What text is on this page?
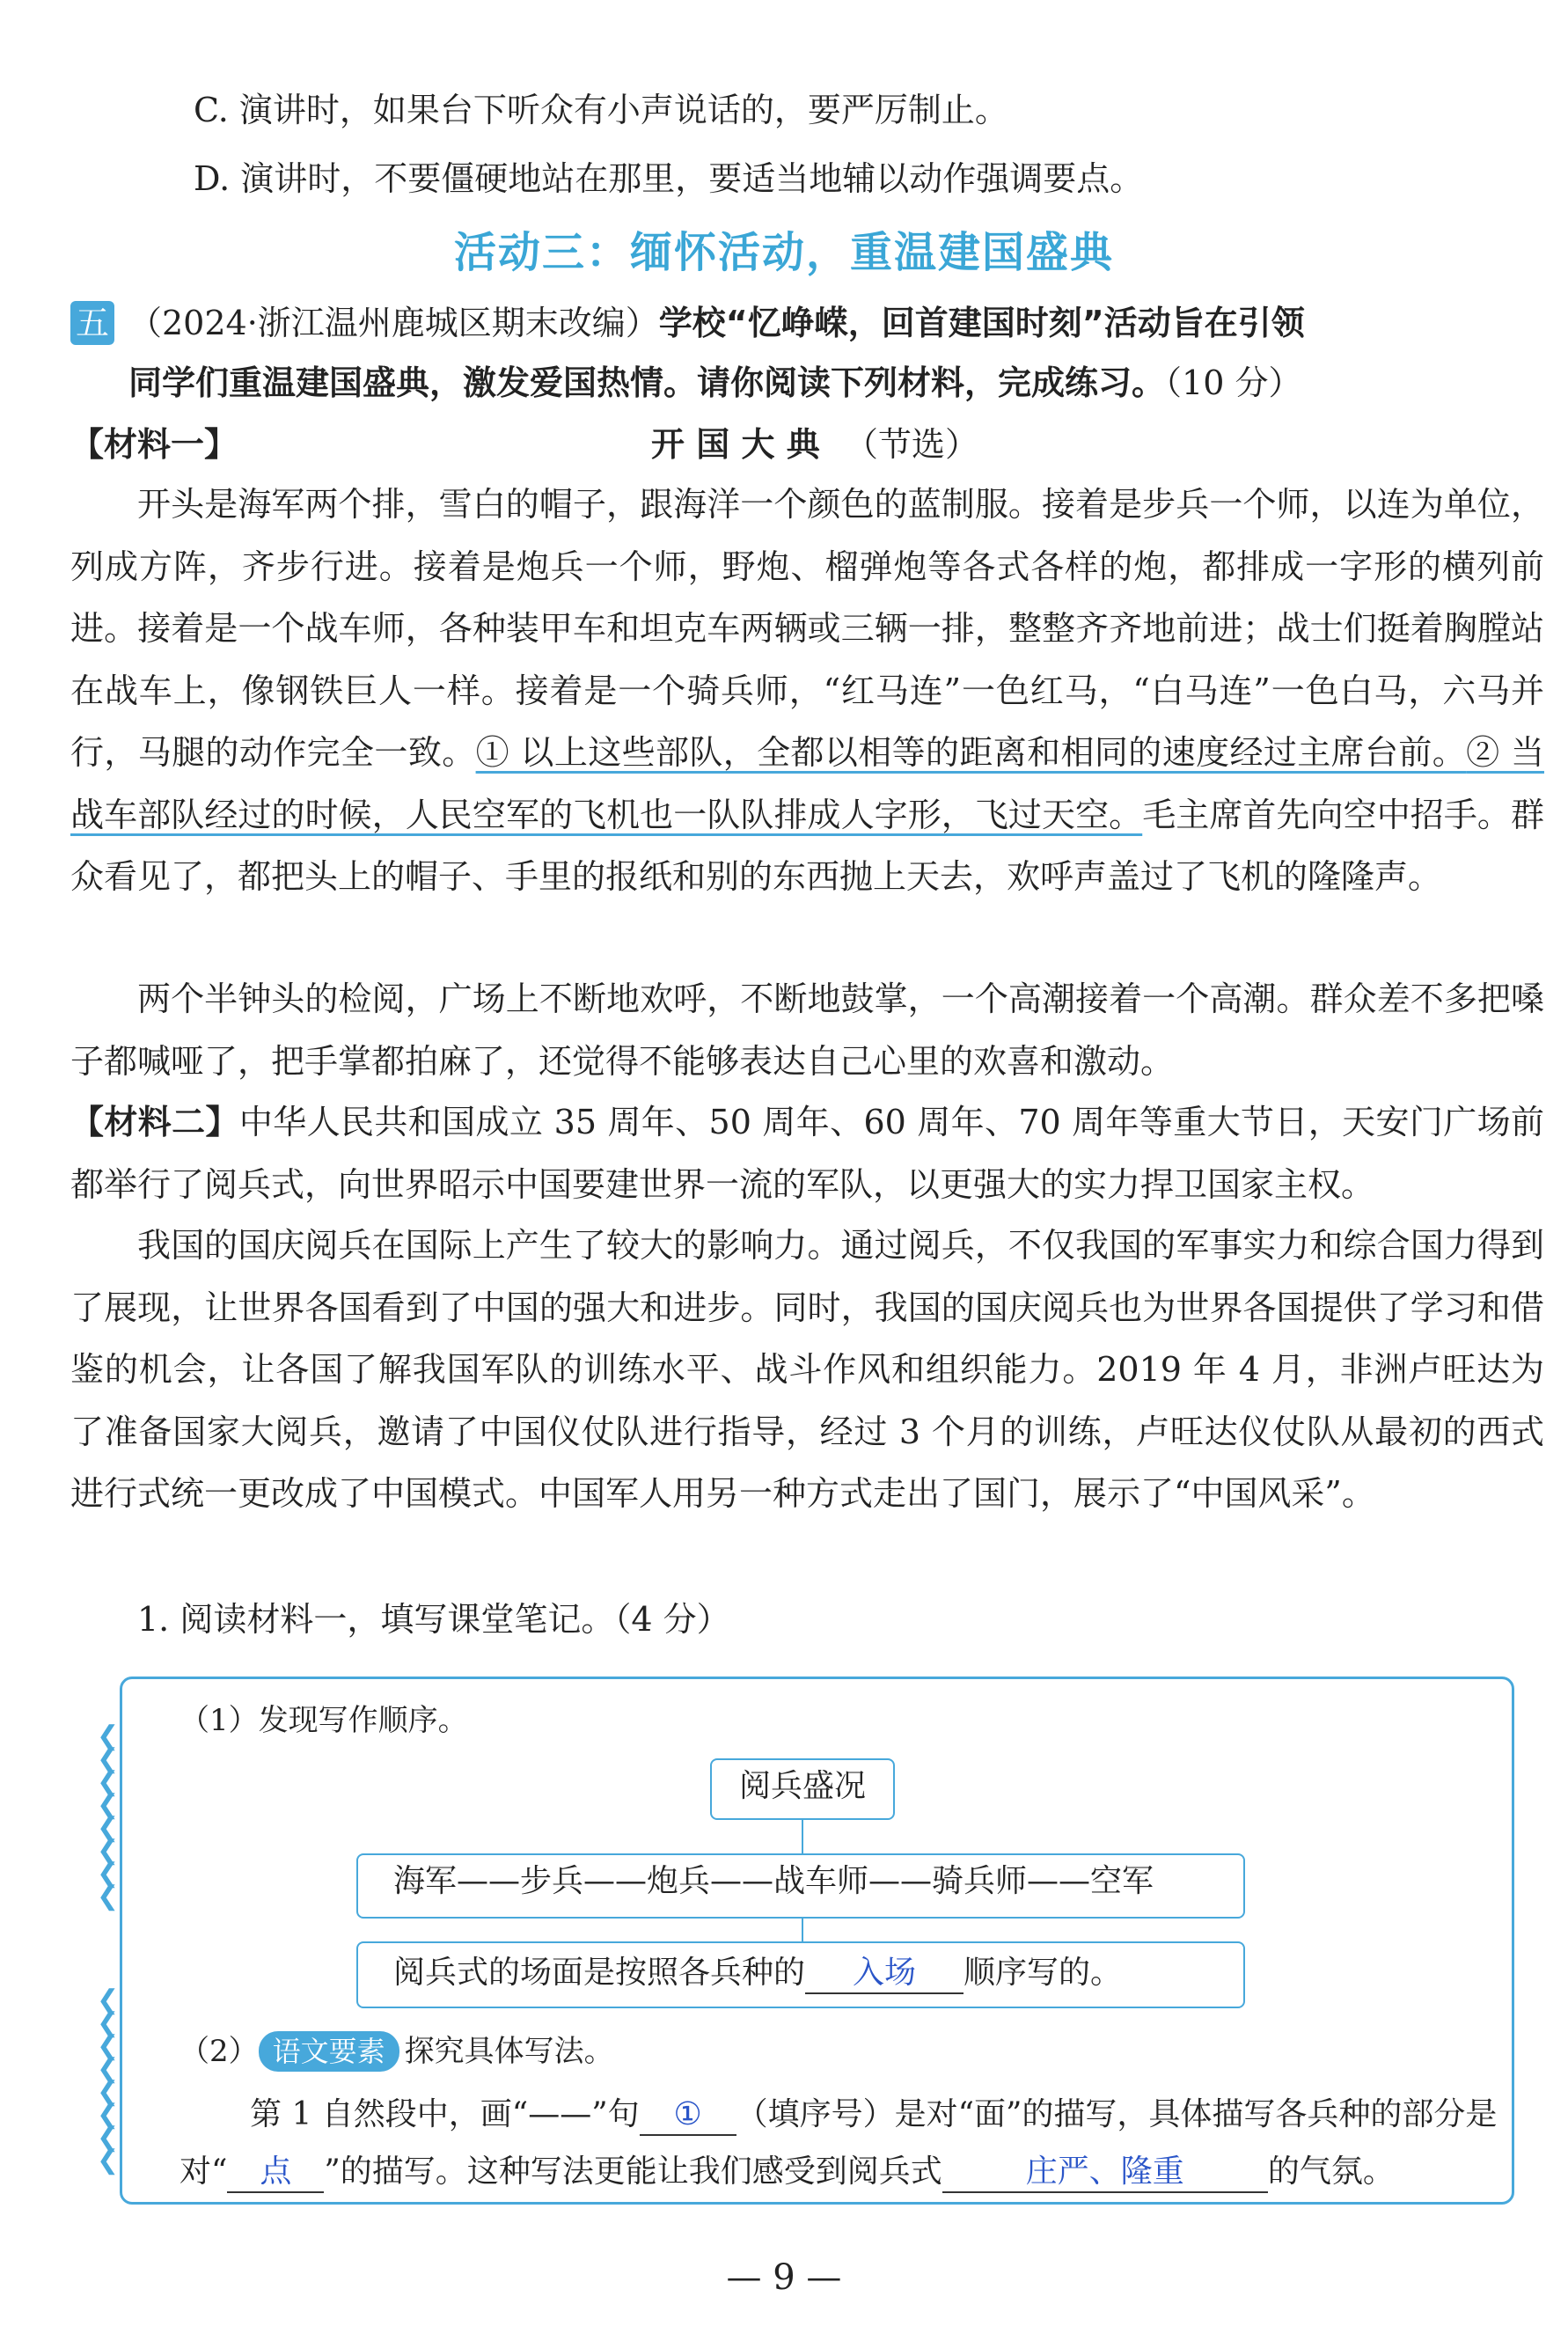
C. 演讲时，如果台下听众有小声说话的，要严厉制止。
D. 演讲时，不要僵硬地站在那里，要适当地辅以动作强调要点。
活动三：缅怀活动，重温建国盛典
五 （2024·浙江温州鹿城区期末改编）学校“忆峥嵘，回首建国时刻”活动旨在引领
同学们重温建国盛典，激发爱国热情。请你阅读下列材料，完成练习。（10 分）
【材料一】	开 国 大 典 （节选）
开头是海军两个排，雪白的帽子，跟海洋一个颜色的蓝制服。接着是步兵一个师，以连为单位，列成方阵，齐步行进。接着是炮兵一个师，野炮、榴弹炮等各式各样的炮，都排成一字形的横列前进。接着是一个战车师，各种装甲车和坦克车两辆或三辆一排，整整齐齐地前进；战士们挺着胸膛站在战车上，像钢铁巨人一样。接着是一个骑兵师，“红马连”一色红马，“白马连”一色白马，六马并行，马腿的动作完全一致。① 以上这些部队，全都以相等的距离和相同的速度经过主席台前。② 当战车部队经过的时候，人民空军的飞机也一队队排成人字形，飞过天空。毛主席首先向空中招手。群众看见了，都把头上的帽子、手里的报纸和别的东西抛上天去，欢呼声盖过了飞机的隆隆声。
两个半钟头的检阅，广场上不断地欢呼，不断地鼓掌，一个高潮接着一个高潮。群众差不多把嗓子都喊哑了，把手掌都拍麻了，还觉得不能够表达自己心里的欢喜和激动。
【材料二】中华人民共和国成立 35 周年、50 周年、60 周年、70 周年等重大节日，天安门广场前都举行了阅兵式，向世界昭示中国要建世界一流的军队，以更强大的实力捍卫国家主权。
我国的国庆阅兵在国际上产生了较大的影响力。通过阅兵，不仅我国的军事实力和综合国力得到了展现，让世界各国看到了中国的强大和进步。同时，我国的国庆阅兵也为世界各国提供了学习和借鉴的机会，让各国了解我国军队的训练水平、战斗作风和组织能力。2019 年 4 月，非洲卢旺达为了准备国家大阅兵，邀请了中国仪仗队进行指导，经过 3 个月的训练，卢旺达仪仗队从最初的西式进行式统一更改成了中国模式。中国军人用另一种方式走出了国门，展示了“中国风采”。
1. 阅读材料一，填写课堂笔记。（4 分）
（1）发现写作顺序。
阅兵盛况
海军——步兵——炮兵——战车师——骑兵师——空军
阅兵式的场面是按照各兵种的 入场 顺序写的。
（2） 语文要素 探究具体写法。
第 1 自然段中，画“——”句 ① （填序号）是对“面”的描写，具体描写各兵种的部分是
对“ 点 ”的描写。这种写法更能让我们感受到阅兵式	庄严、隆重	的气氛。
❮
❮
❮
❮
❮
❮
❮
❮
❮
❮
❮
❮
❮
❮
❮
❮
— 9 —
